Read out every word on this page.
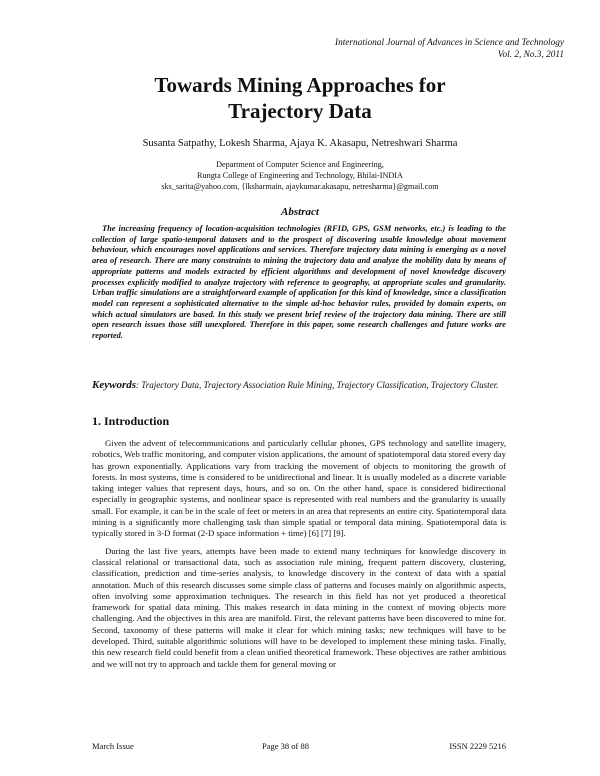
International Journal of Advances in Science and Technology
Vol. 2, No.3, 2011
Towards Mining Approaches for
Trajectory Data
Susanta Satpathy, Lokesh Sharma, Ajaya K. Akasapu, Netreshwari Sharma
Department of Computer Science and Engineering,
Rungta College of Engineering and Technology, Bhilai-INDIA
sks_sarita@yahoo.com, {lksharmain, ajaykumar.akasapu, netresharma}@gmail.com
Abstract
The increasing frequency of location-acquisition technologies (RFID, GPS, GSM networks, etc.) is leading to the collection of large spatio-temporal datasets and to the prospect of discovering usable knowledge about movement behaviour, which encourages novel applications and services. Therefore trajectory data mining is emerging as a novel area of research. There are many constraints to mining the trajectory data and analyze the mobility data by means of appropriate patterns and models extracted by efficient algorithms and development of novel knowledge discovery processes explicitly modified to analyze trajectory with reference to geography, at appropriate scales and granularity. Urban traffic simulations are a straightforward example of application for this kind of knowledge, since a classification model can represent a sophisticated alternative to the simple ad-hoc behavior rules, provided by domain experts, on which actual simulators are based. In this study we present brief review of the trajectory data mining. There are still open research issues those still unexplored. Therefore in this paper, some research challenges and future works are reported.
Keywords: Trajectory Data, Trajectory Association Rule Mining, Trajectory Classification, Trajectory Cluster.
1. Introduction

Given the advent of telecommunications and particularly cellular phones, GPS technology and satellite imagery, robotics, Web traffic monitoring, and computer vision applications, the amount of spatiotemporal data stored every day has grown exponentially. Applications vary from tracking the movement of objects to monitoring the growth of forests. In most systems, time is considered to be unidirectional and linear. It is usually modeled as a discrete variable taking integer values that represent days, hours, and so on. On the other hand, space is considered bidirectional especially in geographic systems, and nonlinear space is represented with real numbers and the granularity is usually small. For example, it can be in the scale of feet or meters in an area that represents an entire city. Spatiotemporal data mining is a significantly more challenging task than simple spatial or temporal data mining. Spatiotemporal data is typically stored in 3-D format (2-D space information + time) [6] [7] [9].

During the last five years, attempts have been made to extend many techniques for knowledge discovery in classical relational or transactional data, such as association rule mining, frequent pattern discovery, clustering, classification, prediction and time-series analysis, to knowledge discovery in the context of data with a spatial annotation. Much of this research discusses some simple class of patterns and focuses mainly on algorithmic aspects, often involving some approximation techniques. The research in this field has not yet produced a theoretical framework for spatial data mining. This makes research in data mining in the context of moving objects more challenging. And the objectives in this area are manifold. First, the relevant patterns have been discovered to mine for. Second, taxonomy of these patterns will make it clear for which mining tasks; new techniques will have to be developed. Third, suitable algorithmic solutions will have to be developed to implement these mining tasks. Finally, this new research field could benefit from a clean unified theoretical framework. These objectives are rather ambitious and we will not try to approach and tackle them for general moving or

March Issue	Page 38 of 88	ISSN 2229 5216
